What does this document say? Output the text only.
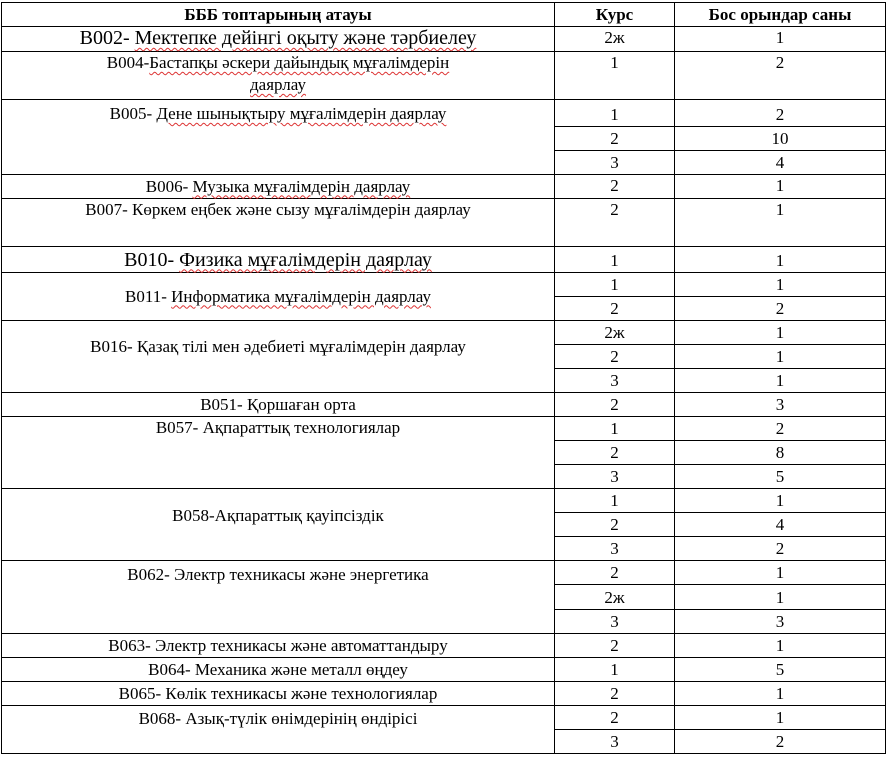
БББ топтарының атауы	Курс	Бос орындар саны
В002- Мектепке дейінгі оқыту және тәрбиелеу	2ж	1
В004-Бастапқы әскери дайындық мұғалімдерін даярлау	1	2
В005- Дене шынықтыру мұғалімдерін даярлау	1	2
	2	10
	3	4
В006- Музыка мұғалімдерін даярлау	2	1
В007- Көркем еңбек және сызу мұғалімдерін даярлау	2	1
В010- Физика мұғалімдерін даярлау	1	1
В011- Информатика мұғалімдерін даярлау	1	1
	2	2
В016- Қазақ тілі мен әдебиеті мұғалімдерін даярлау	2ж	1
	2	1
	3	1
В051- Қоршаған орта	2	3
В057- Ақпараттық технологиялар	1	2
	2	8
	3	5
В058-Ақпараттық қауіпсіздік	1	1
	2	4
	3	2
В062- Электр техникасы және энергетика	2	1
	2ж	1
	3	3
В063- Электр техникасы және автоматтандыру	2	1
В064- Механика және металл өңдеу	1	5
В065- Көлік техникасы және технологиялар	2	1
В068- Азық-түлік өнімдерінің өндірісі	2	1
	3	2
